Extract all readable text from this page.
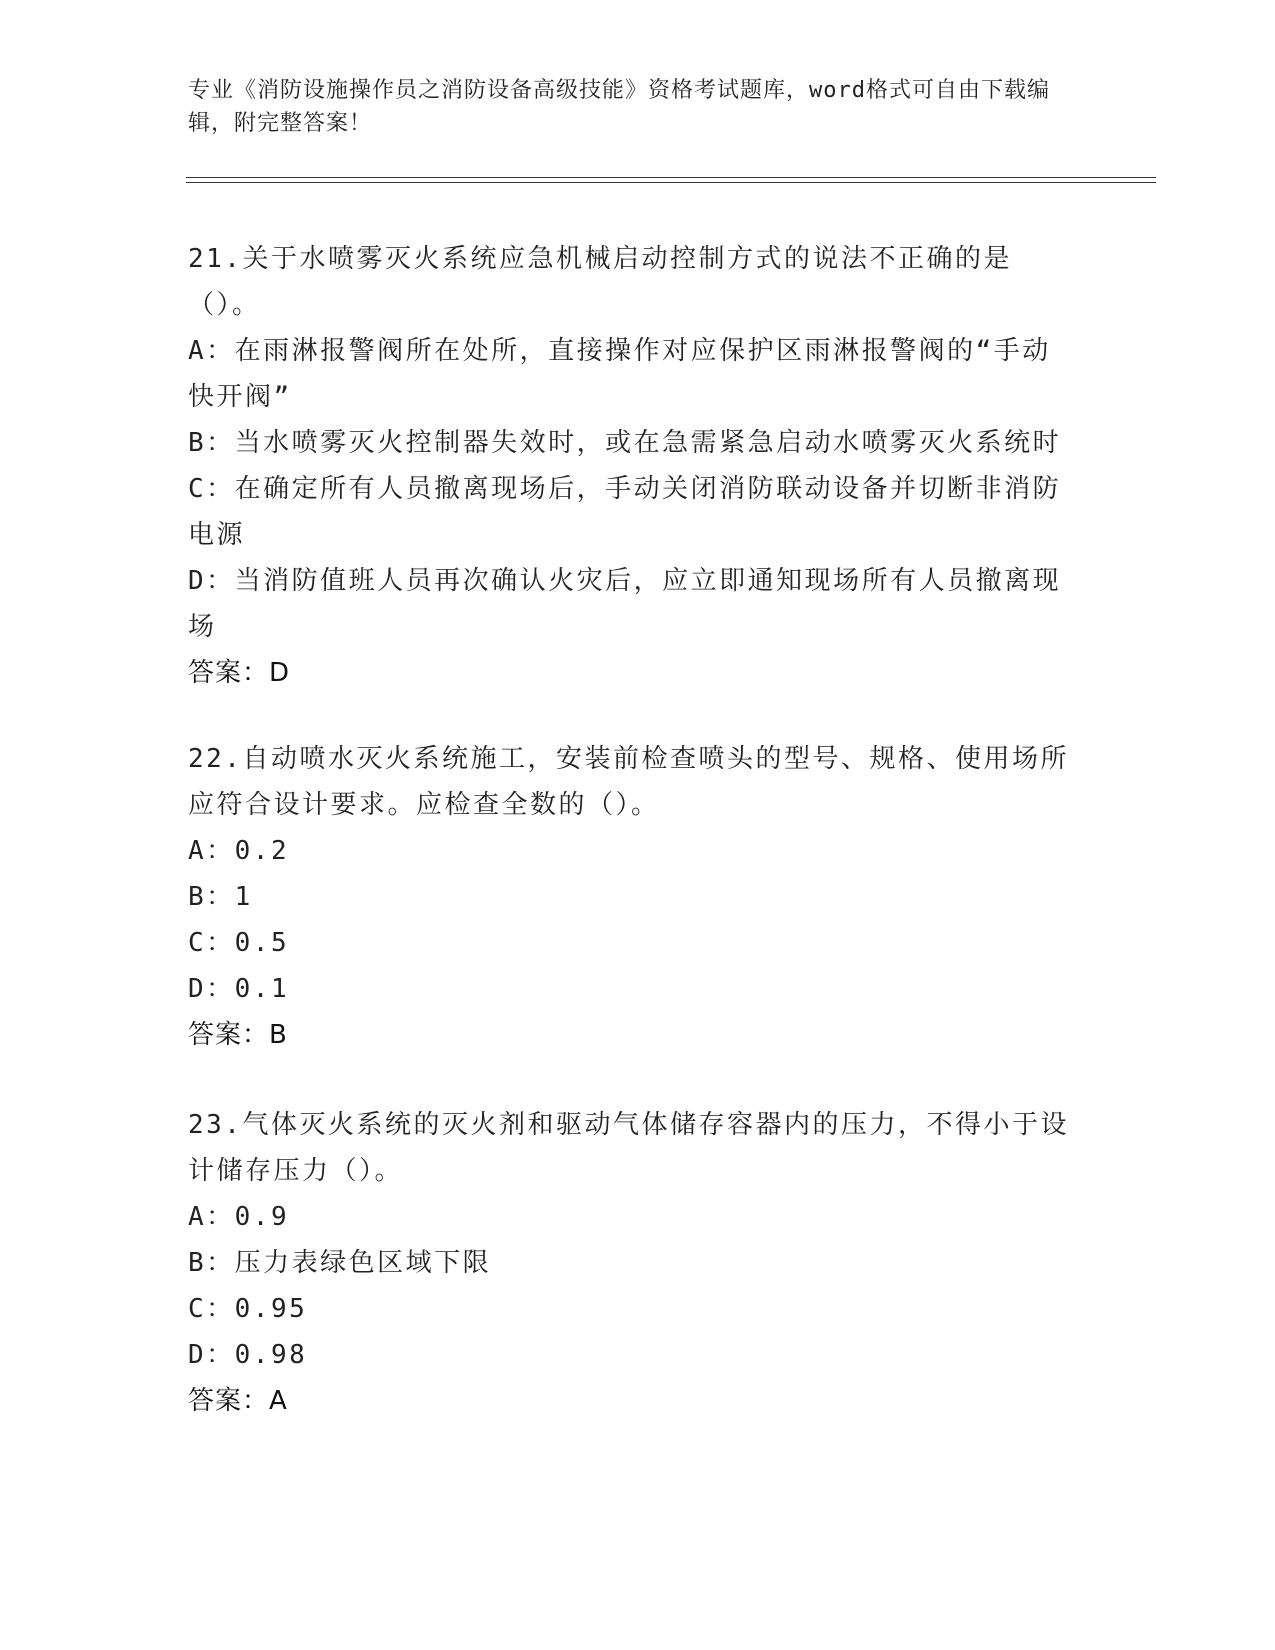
专业《消防设施操作员之消防设备高级技能》资格考试题库，word格式可自由下载编辑，附完整答案！
21.关于水喷雾灭火系统应急机械启动控制方式的说法不正确的是（）。
A：在雨淋报警阀所在处所，直接操作对应保护区雨淋报警阀的“手动快开阀”
B：当水喷雾灭火控制器失效时，或在急需紧急启动水喷雾灭火系统时
C：在确定所有人员撤离现场后，手动关闭消防联动设备并切断非消防电源
D：当消防值班人员再次确认火灾后，应立即通知现场所有人员撤离现场
答案：D
22.自动喷水灭火系统施工，安装前检查喷头的型号、规格、使用场所应符合设计要求。应检查全数的（）。
A：0.2
B：1
C：0.5
D：0.1
答案：B
23.气体灭火系统的灭火剂和驱动气体储存容器内的压力，不得小于设计储存压力（）。
A：0.9
B：压力表绿色区域下限
C：0.95
D：0.98
答案：A
